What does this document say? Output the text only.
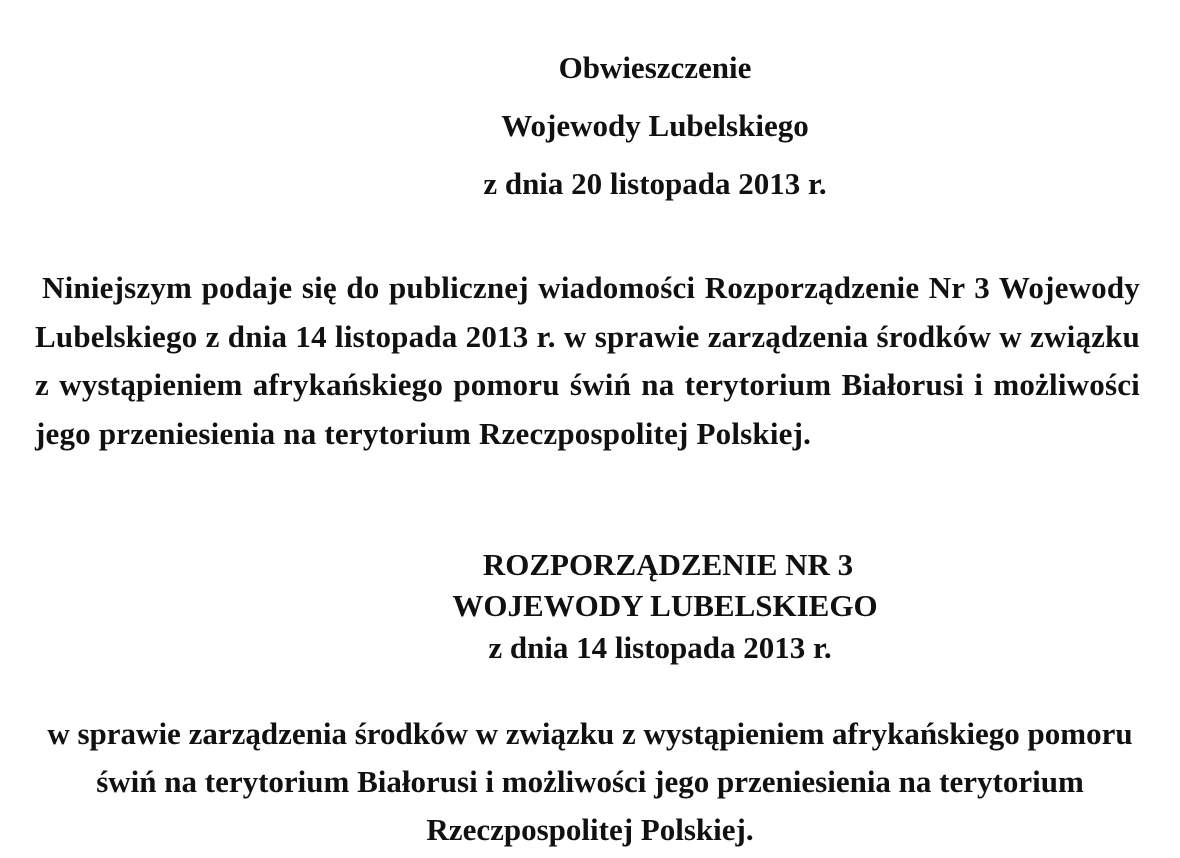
Obwieszczenie

Wojewody Lubelskiego

z dnia 20 listopada 2013 r.

Niniejszym podaje się do publicznej wiadomości Rozporządzenie Nr 3 Wojewody Lubelskiego z dnia 14 listopada 2013 r. w sprawie zarządzenia środków w związku z wystąpieniem afrykańskiego pomoru świń na terytorium Białorusi i możliwości jego przeniesienia na terytorium Rzeczpospolitej Polskiej.

ROZPORZĄDZENIE NR 3

WOJEWODY LUBELSKIEGO

z dnia 14 listopada 2013 r.

w sprawie zarządzenia środków w związku z wystąpieniem afrykańskiego pomoru świń na terytorium Białorusi i możliwości jego przeniesienia na terytorium Rzeczpospolitej Polskiej.
